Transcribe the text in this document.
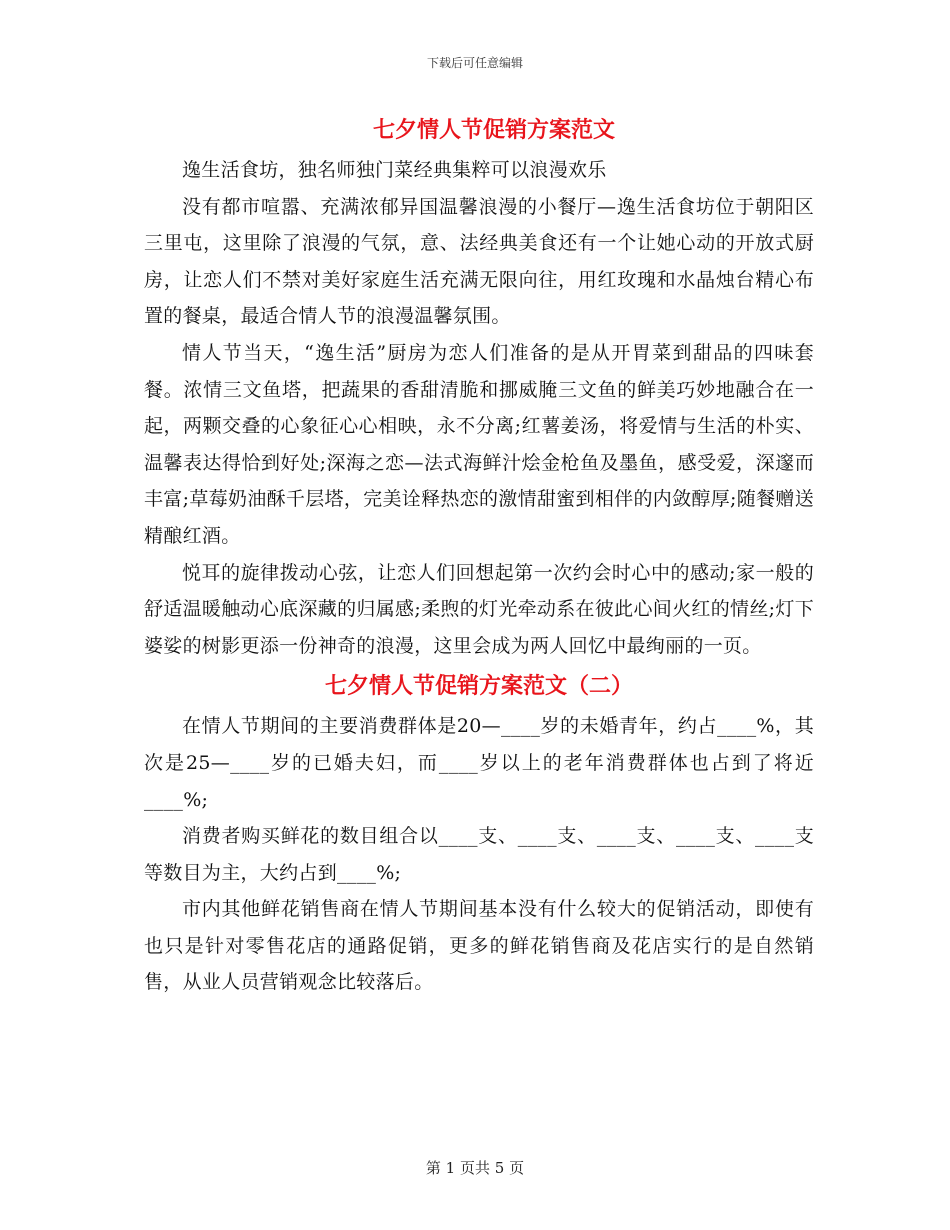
下载后可任意编辑
七夕情人节促销方案范文

逸生活食坊，独名师独门菜经典集粹可以浪漫欢乐

没有都市喧嚣、充满浓郁异国温馨浪漫的小餐厅—逸生活食坊位于朝阳区三里屯，这里除了浪漫的气氛，意、法经典美食还有一个让她心动的开放式厨房，让恋人们不禁对美好家庭生活充满无限向往，用红玫瑰和水晶烛台精心布置的餐桌，最适合情人节的浪漫温馨氛围。

情人节当天，“逸生活”厨房为恋人们准备的是从开胃菜到甜品的四味套餐。浓情三文鱼塔，把蔬果的香甜清脆和挪威腌三文鱼的鲜美巧妙地融合在一起，两颗交叠的心象征心心相映，永不分离;红薯姜汤，将爱情与生活的朴实、温馨表达得恰到好处;深海之恋—法式海鲜汁烩金枪鱼及墨鱼，感受爱，深邃而丰富;草莓奶油酥千层塔，完美诠释热恋的激情甜蜜到相伴的内敛醇厚;随餐赠送精酿红酒。

悦耳的旋律拨动心弦，让恋人们回想起第一次约会时心中的感动;家一般的舒适温暖触动心底深藏的归属感;柔煦的灯光牵动系在彼此心间火红的情丝;灯下婆娑的树影更添一份神奇的浪漫，这里会成为两人回忆中最绚丽的一页。

七夕情人节促销方案范文（二）

在情人节期间的主要消费群体是20—____岁的未婚青年，约占____%，其次是25—____岁的已婚夫妇，而____岁以上的老年消费群体也占到了将近____%;

消费者购买鲜花的数目组合以____支、____支、____支、____支、____支等数目为主，大约占到____%;

市内其他鲜花销售商在情人节期间基本没有什么较大的促销活动，即使有也只是针对零售花店的通路促销，更多的鲜花销售商及花店实行的是自然销售，从业人员营销观念比较落后。

第 1 页共 5 页
